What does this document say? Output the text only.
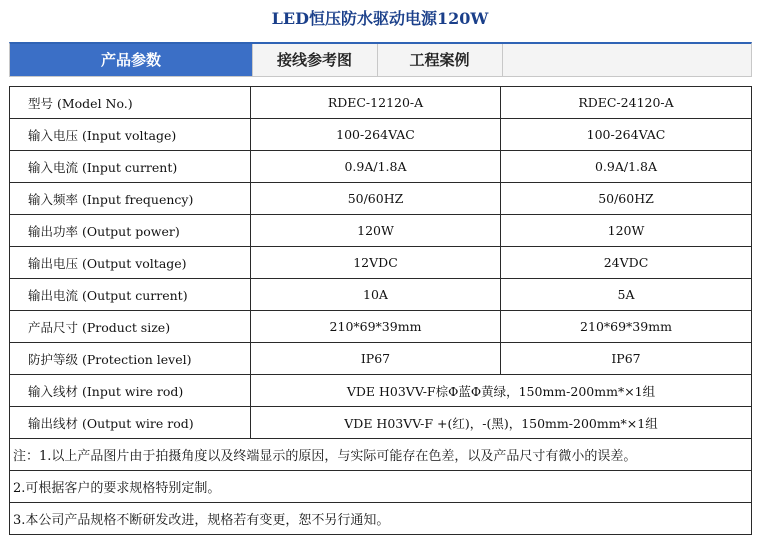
LED恒压防水驱动电源120W
产品参数	接线参考图	工程案例
型号 (Model No.)	RDEC-12120-A	RDEC-24120-A
输入电压 (Input voltage)	100-264VAC	100-264VAC
输入电流 (Input current)	0.9A/1.8A	0.9A/1.8A
输入频率 (Input frequency)	50/60HZ	50/60HZ
输出功率 (Output power)	120W	120W
输出电压 (Output voltage)	12VDC	24VDC
输出电流 (Output current)	10A	5A
产品尺寸 (Product size)	210*69*39mm	210*69*39mm
防护等级 (Protection level)	IP67	IP67
输入线材 (Input wire rod)	VDE H03VV-F棕Φ蓝Φ黄绿，150mm-200mm*×1组	
输出线材 (Output wire rod)	VDE H03VV-F +(红)，-(黑)，150mm-200mm*×1组	
注：1.以上产品图片由于拍摄角度以及终端显示的原因，与实际可能存在色差，以及产品尺寸有微小的误差。		
2.可根据客户的要求规格特别定制。		
3.本公司产品规格不断研发改进，规格若有变更，恕不另行通知。		
